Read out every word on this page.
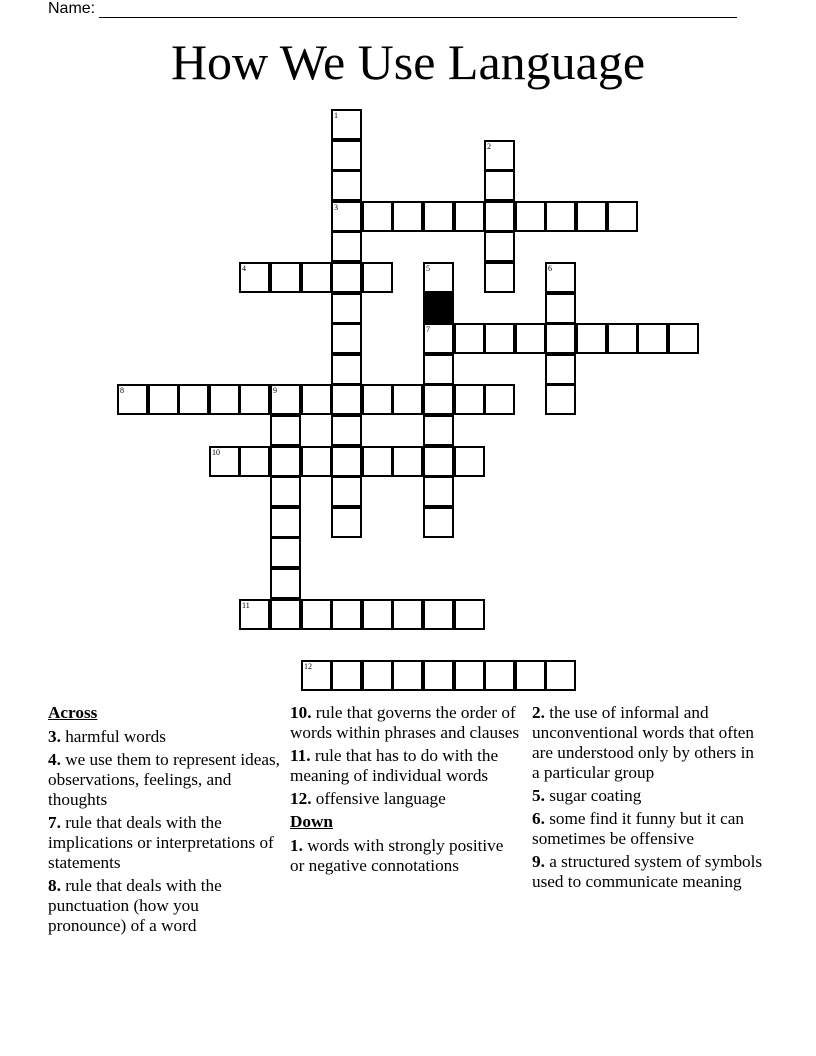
Name:
How We Use Language
1
3
2
4	5
7
6
8	9
10
11
12
Across
3. harmful words
4. we use them to represent ideas, observations, feelings, and thoughts
7. rule that deals with the implications or interpretations of statements
8. rule that deals with the punctuation (how you pronounce) of a word
10. rule that governs the order of words within phrases and clauses
11. rule that has to do with the meaning of individual words
12. offensive language
Down
1. words with strongly positive or negative connotations
2. the use of informal and unconventional words that often are understood only by others in a particular group
5. sugar coating
6. some find it funny but it can sometimes be offensive
9. a structured system of symbols used to communicate meaning
